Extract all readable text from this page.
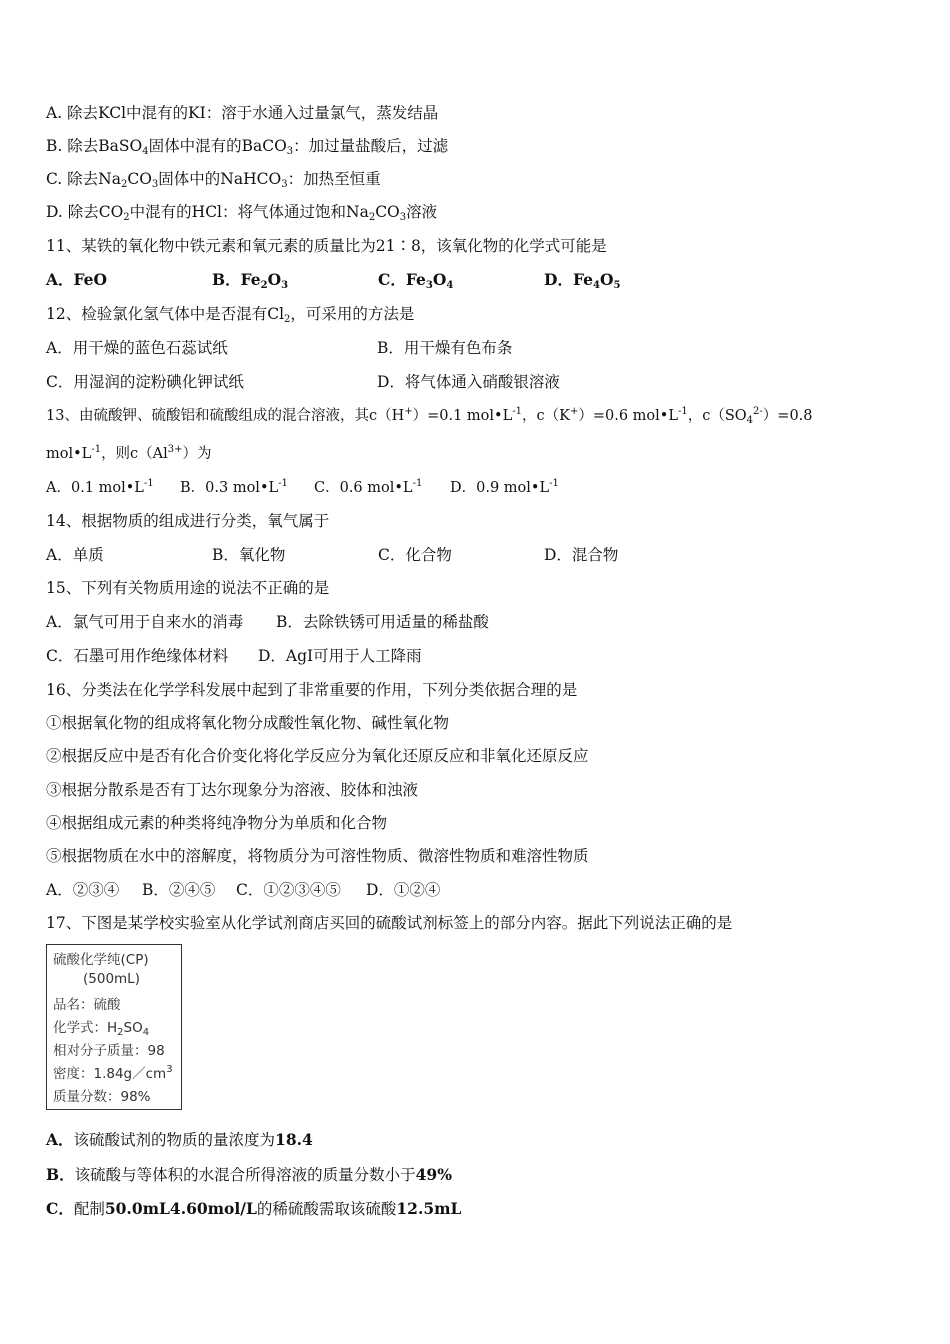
A. 除去KCl中混有的KI：溶于水通入过量氯气，蒸发结晶
B. 除去BaSO$_4$固体中混有的BaCO$_3$：加过量盐酸后，过滤
C. 除去$Na_2CO_3$固体中的NaHCO$_3$：加热至恒重
D. 除去$CO_2$中混有的HCl：将气体通过饱和$Na_2CO_3$溶液
11、某铁的氧化物中铁元素和氧元素的质量比为21∶8，该氧化物的化学式可能是
A．FeO	B．$Fe_2O_3$	C．$Fe_3O_4$	D．$Fe_4O_5$
12、检验氯化氢气体中是否混有$Cl_2$，可采用的方法是
A．用干燥的蓝色石蕊试纸	B．用干燥有色布条
C．用湿润的淀粉碘化钾试纸	D．将气体通入硝酸银溶液
13、由硫酸钾、硫酸铝和硫酸组成的混合溶液，其c（H+）=0.1 $mol•L^{-1}$，c（K+）=0.6 $mol•L^{-1}$，$c(SO_4^{2-})=0.8$
$mol•L^{-1}$，则$c(Al^{3+})$为
A．0.1 $mol•L^{-1}$ B．0.3 $mol•L^{-1}$ C．0.6 $mol•L^{-1}$ D．0.9 $mol•L^{-1}$
14、根据物质的组成进行分类，氧气属于
A．单质	B．氧化物	C．化合物	D．混合物
15、下列有关物质用途的说法不正确的是
A．氯气可用于自来水的消毒 B．去除铁锈可用适量的稀盐酸
C．石墨可用作绝缘体材料 D．AgI可用于人工降雨
16、分类法在化学学科发展中起到了非常重要的作用，下列分类依据合理的是
①根据氧化物的组成将氧化物分成酸性氧化物、碱性氧化物
②根据反应中是否有化合价变化将化学反应分为氧化还原反应和非氧化还原反应
③根据分散系是否有丁达尔现象分为溶液、胶体和浊液
④根据组成元素的种类将纯净物分为单质和化合物
⑤根据物质在水中的溶解度，将物质分为可溶性物质、微溶性物质和难溶性物质
A．②③④ B．②④⑤ C．①②③④⑤ D．①②④
17、下图是某学校实验室从化学试剂商店买回的硫酸试剂标签上的部分内容。据此下列说法正确的是
硫酸化学纯(CP)
(500mL)
品名：硫酸
化学式：$H_2SO_4$
相对分子质量：98
密度：$1.84g/cm^3$
质量分数：98%
A．该硫酸试剂的物质的量浓度为18.4
B．该硫酸与等体积的水混合所得溶液的质量分数小于49%
C．配制50.0mL4.60mol/L的稀硫酸需取该硫酸12.5mL
